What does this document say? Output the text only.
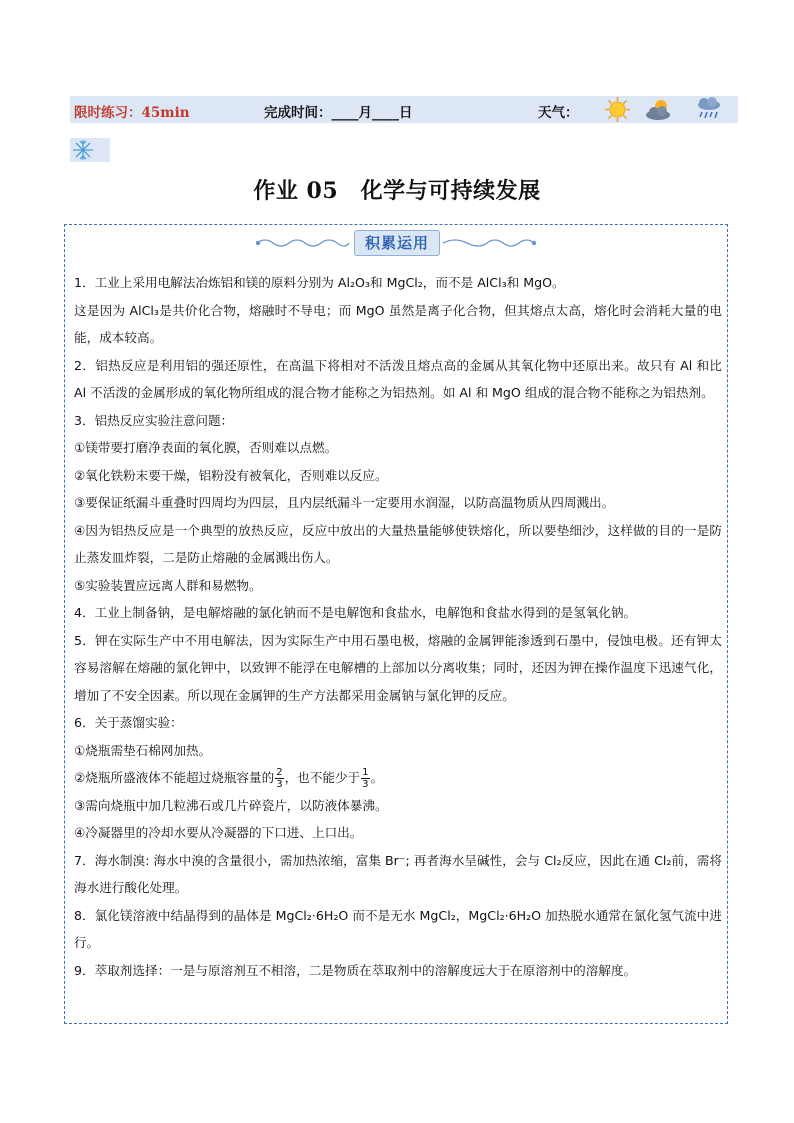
限时练习：45min	完成时间：____月____日	天气：
作业 05　化学与可持续发展
积累运用

1．工业上采用电解法冶炼铝和镁的原料分别为 Al₂O₃和 MgCl₂，而不是 AlCl₃和 MgO。

这是因为 AlCl₃是共价化合物，熔融时不导电；而 MgO 虽然是离子化合物，但其熔点太高，熔化时会消耗大量的电能，成本较高。

2．铝热反应是利用铝的强还原性，在高温下将相对不活泼且熔点高的金属从其氧化物中还原出来。故只有 Al 和比 Al 不活泼的金属形成的氧化物所组成的混合物才能称之为铝热剂。如 Al 和 MgO 组成的混合物不能称之为铝热剂。

3．铝热反应实验注意问题：

①镁带要打磨净表面的氧化膜，否则难以点燃。

②氧化铁粉末要干燥，铝粉没有被氧化，否则难以反应。

③要保证纸漏斗重叠时四周均为四层，且内层纸漏斗一定要用水润湿，以防高温物质从四周溅出。

④因为铝热反应是一个典型的放热反应，反应中放出的大量热量能够使铁熔化，所以要垫细沙，这样做的目的一是防止蒸发皿炸裂，二是防止熔融的金属溅出伤人。

⑤实验装置应远离人群和易燃物。

4．工业上制备钠，是电解熔融的氯化钠而不是电解饱和食盐水，电解饱和食盐水得到的是氢氧化钠。

5．钾在实际生产中不用电解法，因为实际生产中用石墨电极，熔融的金属钾能渗透到石墨中，侵蚀电极。还有钾太容易溶解在熔融的氯化钾中，以致钾不能浮在电解槽的上部加以分离收集；同时，还因为钾在操作温度下迅速气化，增加了不安全因素。所以现在金属钾的生产方法都采用金属钠与氯化钾的反应。

6．关于蒸馏实验：

①烧瓶需垫石棉网加热。

②烧瓶所盛液体不能超过烧瓶容量的 $\frac{2}{3}$ ，也不能少于 $\frac{1}{3}$ 。

③需向烧瓶中加几粒沸石或几片碎瓷片，以防液体暴沸。

④冷凝器里的冷却水要从冷凝器的下口进、上口出。

7．海水制溴: 海水中溴的含量很小，需加热浓缩，富集 Br⁻; 再者海水呈碱性，会与 Cl₂反应，因此在通 Cl₂前，需将海水进行酸化处理。

8．氯化镁溶液中结晶得到的晶体是 MgCl₂·6H₂O 而不是无水 MgCl₂，MgCl₂·6H₂O 加热脱水通常在氯化氢气流中进行。

9．萃取剂选择：一是与原溶剂互不相溶，二是物质在萃取剂中的溶解度远大于在原溶剂中的溶解度。
